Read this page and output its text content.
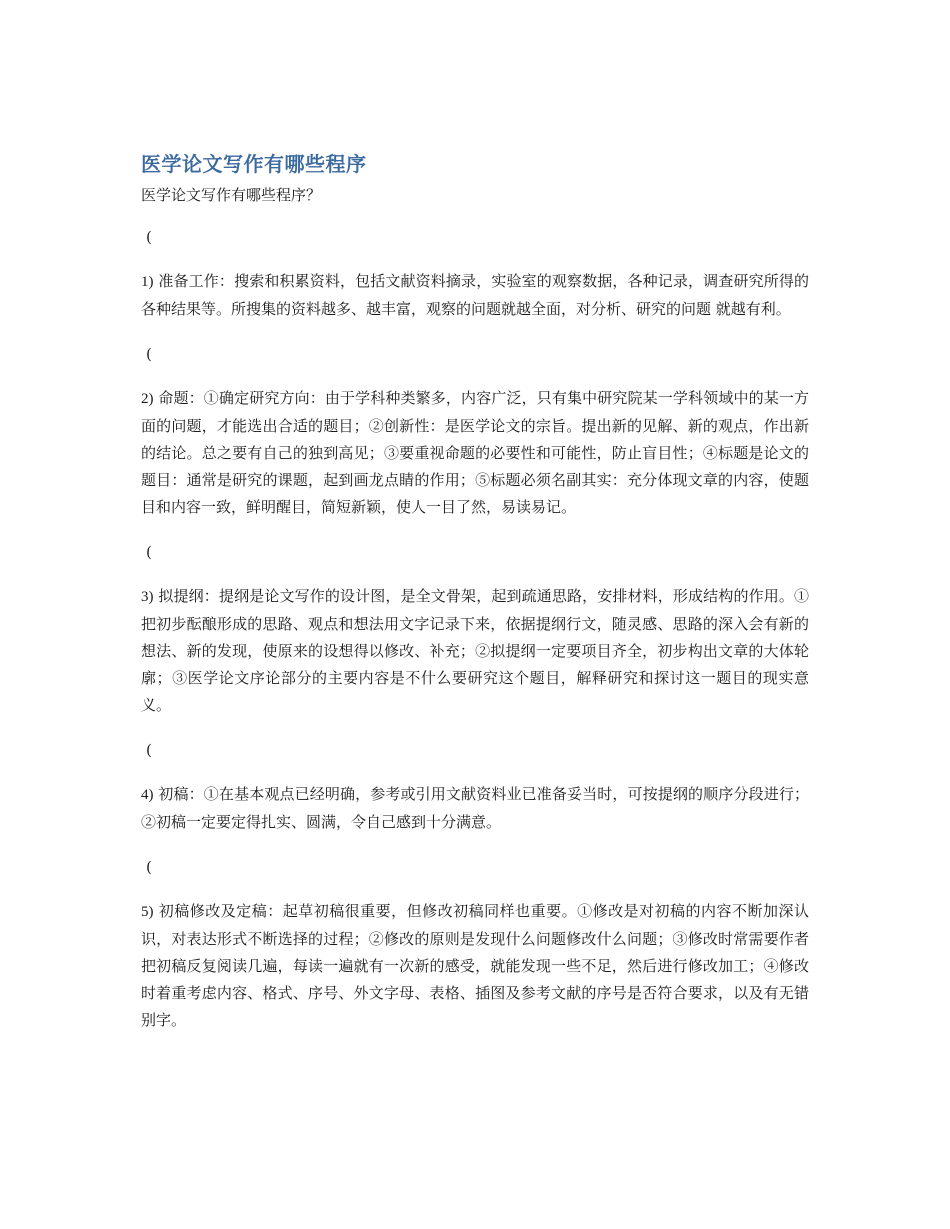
医学论文写作有哪些程序

医学论文写作有哪些程序？

(

1) 准备工作：搜索和积累资料，包括文献资料摘录，实验室的观察数据，各种记录，调查研究所得的各种结果等。所搜集的资料越多、越丰富，观察的问题就越全面，对分析、研究的问题 就越有利。

(

2) 命题：①确定研究方向：由于学科种类繁多，内容广泛，只有集中研究院某一学科领域中的某一方面的问题，才能选出合适的题目；②创新性：是医学论文的宗旨。提出新的见解、新的观点，作出新的结论。总之要有自己的独到高见；③要重视命题的必要性和可能性，防止盲目性；④标题是论文的题目：通常是研究的课题，起到画龙点睛的作用；⑤标题必须名副其实：充分体现文章的内容，使题目和内容一致，鲜明醒目，简短新颖，使人一目了然，易读易记。

(

3) 拟提纲：提纲是论文写作的设计图，是全文骨架，起到疏通思路，安排材料，形成结构的作用。①把初步酝酿形成的思路、观点和想法用文字记录下来，依据提纲行文，随灵感、思路的深入会有新的想法、新的发现，使原来的设想得以修改、补充；②拟提纲一定要项目齐全，初步构出文章的大体轮廓；③医学论文序论部分的主要内容是不什么要研究这个题目，解释研究和探讨这一题目的现实意义。

(

4) 初稿：①在基本观点已经明确，参考或引用文献资料业已准备妥当时，可按提纲的顺序分段进行；②初稿一定要定得扎实、圆满，令自己感到十分满意。

(

5) 初稿修改及定稿：起草初稿很重要，但修改初稿同样也重要。①修改是对初稿的内容不断加深认识，对表达形式不断选择的过程；②修改的原则是发现什么问题修改什么问题；③修改时常需要作者把初稿反复阅读几遍，每读一遍就有一次新的感受，就能发现一些不足，然后进行修改加工；④修改时着重考虑内容、格式、序号、外文字母、表格、插图及参考文献的序号是否符合要求，以及有无错别字。
